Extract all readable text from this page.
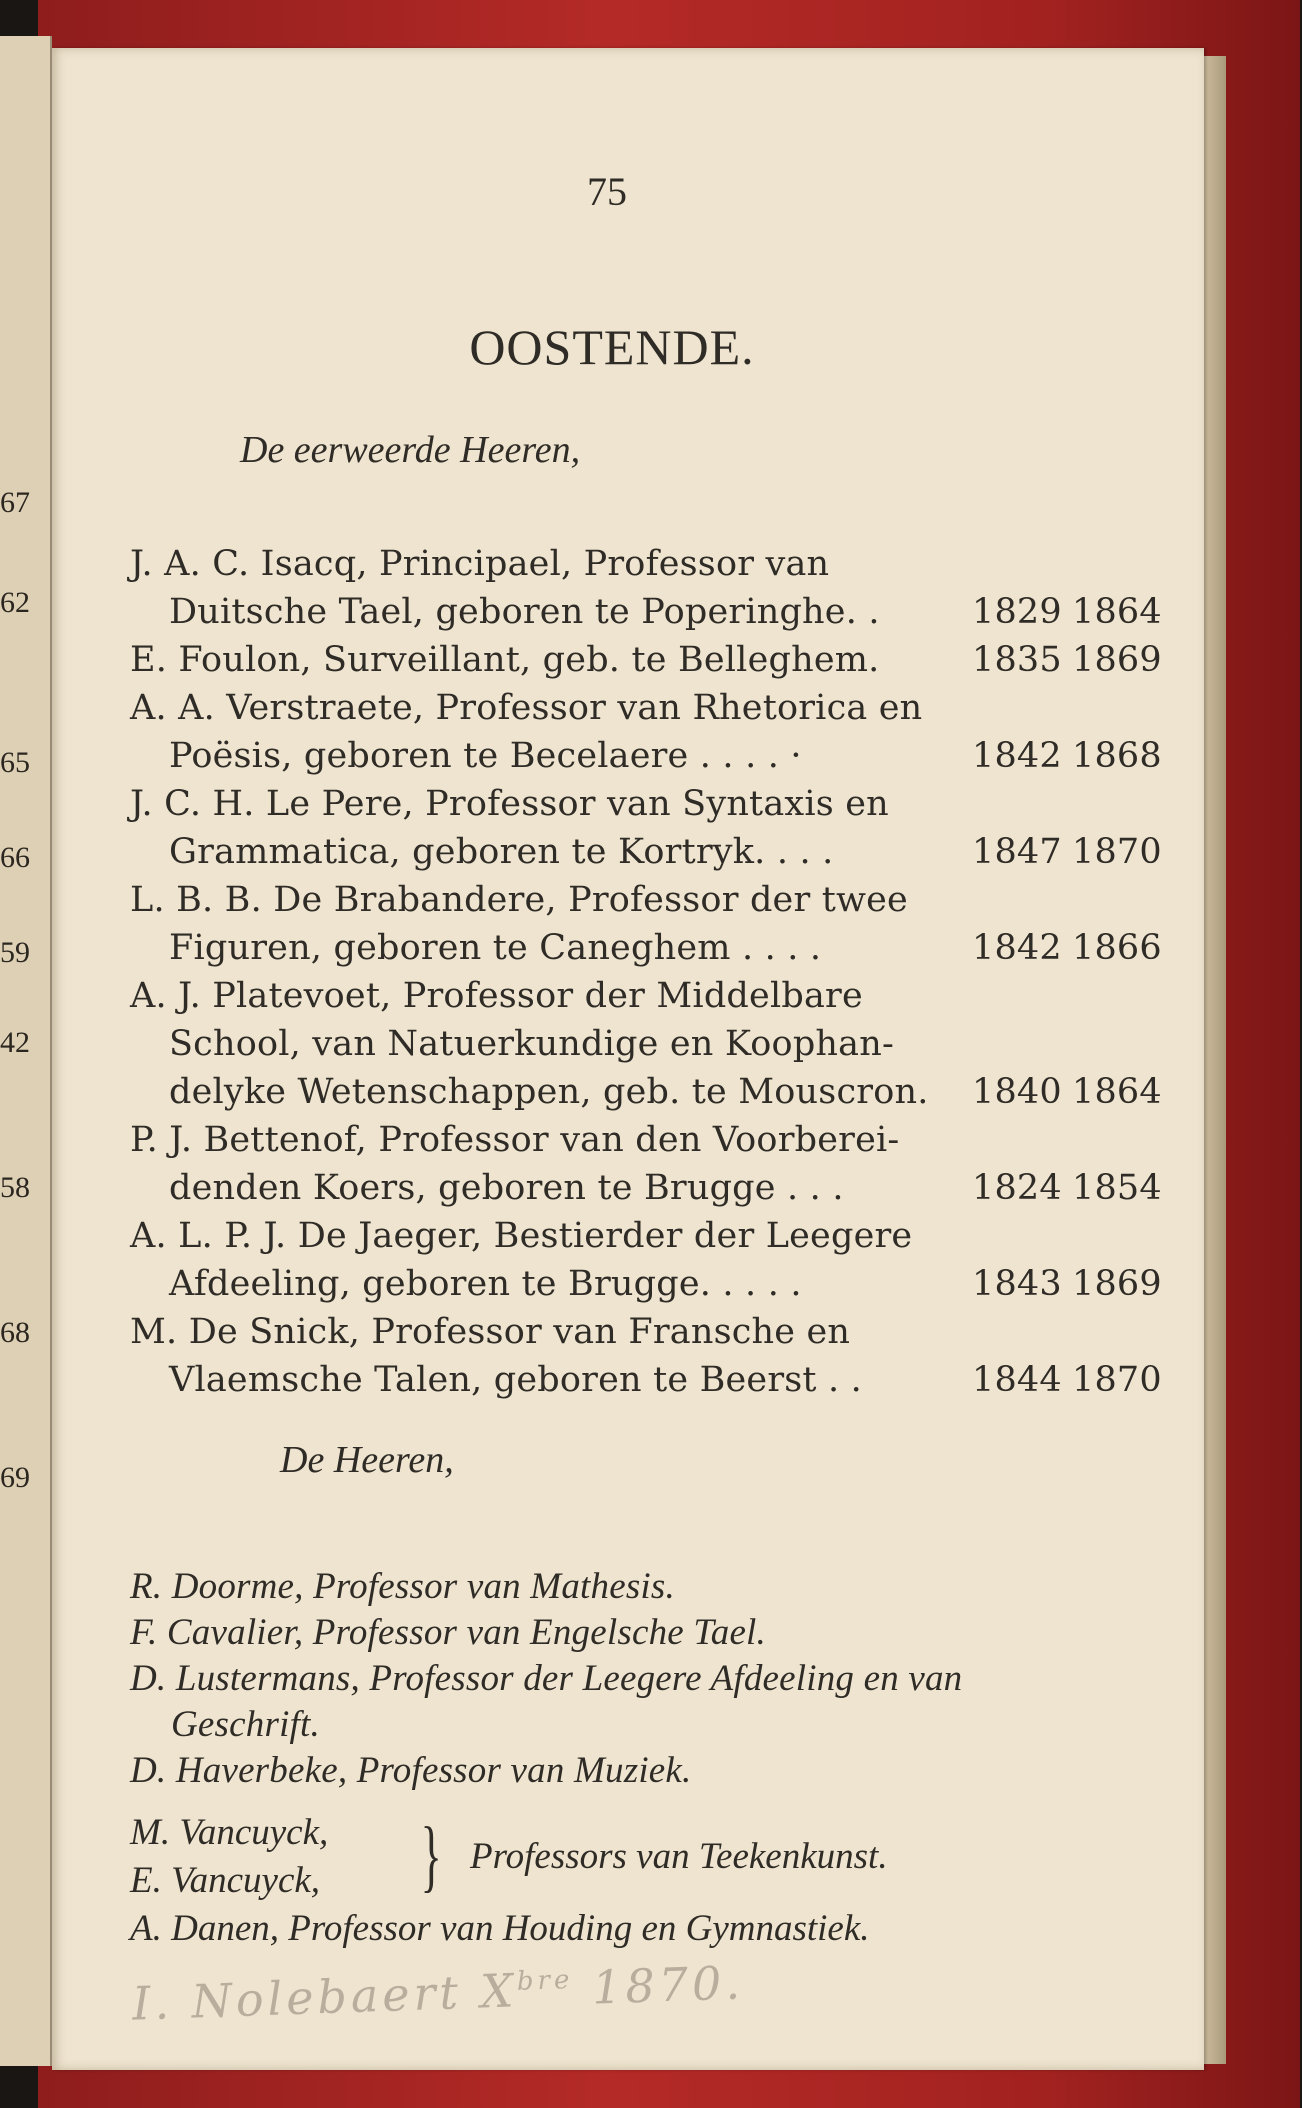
67
62
65
66
59
42
58
68
69
75
OOSTENDE.
De eerweerde Heeren,
J. A. C. Isacq, Principael, Professor van
Duitsche Tael, geboren te Poperinghe. .	1829 1864
E. Foulon, Surveillant, geb. te Belleghem.	1835 1869
A. A. Verstraete, Professor van Rhetorica en
Poësis, geboren te Becelaere . . . . ·	1842 1868
J. C. H. Le Pere, Professor van Syntaxis en
Grammatica, geboren te Kortryk. . . .	1847 1870
L. B. B. De Brabandere, Professor der twee
Figuren, geboren te Caneghem . . . .	1842 1866
A. J. Platevoet, Professor der Middelbare
School, van Natuerkundige en Koophan-
delyke Wetenschappen, geb. te Mouscron. 1840 1864
P. J. Bettenof, Professor van den Voorberei-
denden Koers, geboren te Brugge . . .	1824 1854
A. L. P. J. De Jaeger, Bestierder der Leegere
Afdeeling, geboren te Brugge. . . . .	1843 1869
M. De Snick, Professor van Fransche en
Vlaemsche Talen, geboren te Beerst . .	1844 1870
De Heeren,
R. Doorme, Professor van Mathesis.
F. Cavalier, Professor van Engelsche Tael.
D. Lustermans, Professor der Leegere Afdeeling en van
Geschrift.
D. Haverbeke, Professor van Muziek.
M. Vancuyck,
E. Vancuyck, } Professors van Teekenkunst.
A. Danen, Professor van Houding en Gymnastiek.
I. Nolebaert $X^{bre}$ 1870.
